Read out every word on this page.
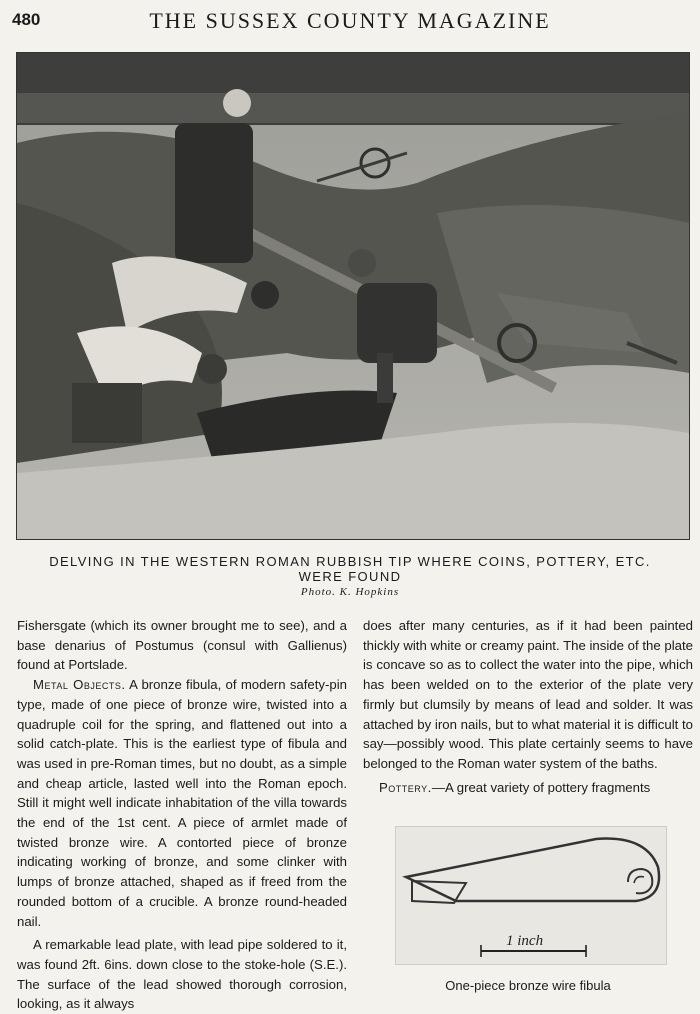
480	THE SUSSEX COUNTY MAGAZINE
DELVING IN THE WESTERN ROMAN RUBBISH TIP WHERE COINS, POTTERY, ETC.
WERE FOUND
Photo. K. Hopkins

Fishersgate (which its owner brought me to see), and a base denarius of Postumus (consul with Gallienus) found at Portslade.

Metal Objects. A bronze fibula, of modern safety-pin type, made of one piece of bronze wire, twisted into a quadruple coil for the spring, and flattened out into a solid catch-plate. This is the earliest type of fibula and was used in pre-Roman times, but no doubt, as a simple and cheap article, lasted well into the Roman epoch. Still it might well indicate inhabitation of the villa towards the end of the 1st cent. A piece of armlet made of twisted bronze wire. A contorted piece of bronze indicating working of bronze, and some clinker with lumps of bronze attached, shaped as if freed from the rounded bottom of a crucible. A bronze round-headed nail.

A remarkable lead plate, with lead pipe soldered to it, was found 2ft. 6ins. down close to the stoke-hole (S.E.). The surface of the lead showed thorough corrosion, looking, as it always

does after many centuries, as if it had been painted thickly with white or creamy paint. The inside of the plate is concave so as to collect the water into the pipe, which has been welded on to the exterior of the plate very firmly but clumsily by means of lead and solder. It was attached by iron nails, but to what material it is difficult to say—possibly wood. This plate certainly seems to have belonged to the Roman water system of the baths.

Pottery.—A great variety of pottery fragments

1 inch
One-piece bronze wire fibula
